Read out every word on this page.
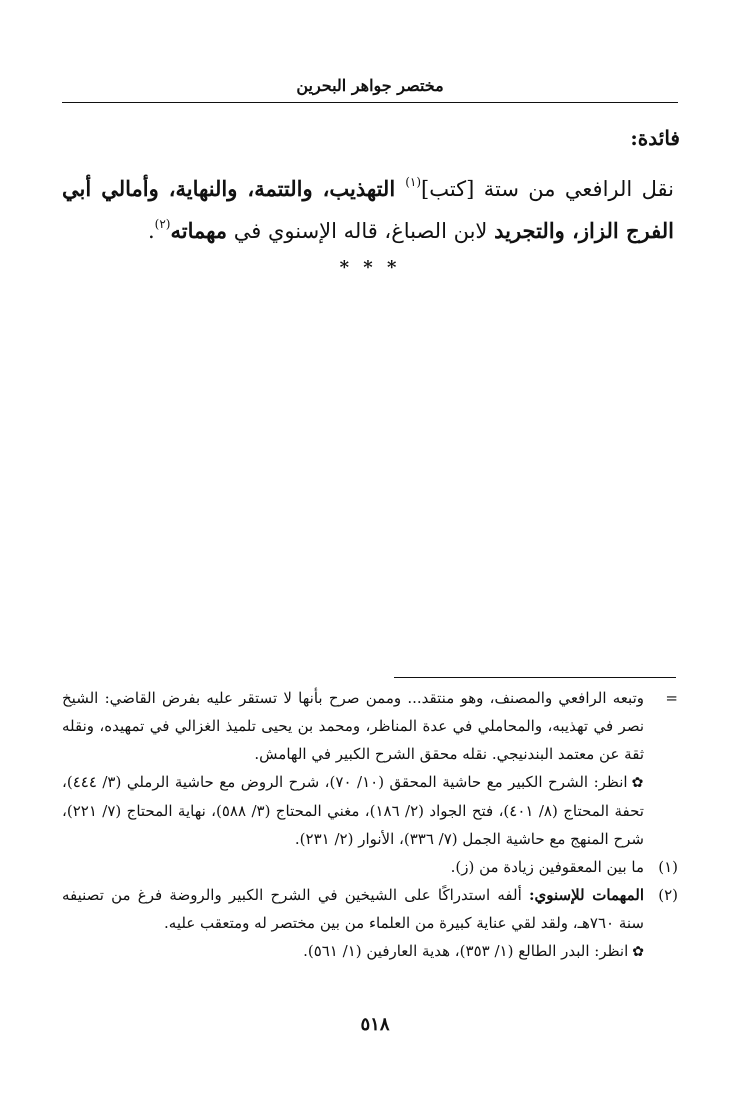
مختصر جواهر البحرين
فائدة:
نقل الرافعي من ستة [كتب]$^{(١)}$ التهذيب، والتتمة، والنهاية، وأمالي أبي الفرج الزاز، والتجريد لابن الصباغ، قاله الإسنوي في مهماته$^{(٢)}$.
* * *
=
وتبعه الرافعي والمصنف، وهو منتقد... وممن صرح بأنها لا تستقر عليه بفرض القاضي: الشيخ نصر في تهذيبه، والمحاملي في عدة المناظر، ومحمد بن يحيى تلميذ الغزالي في تمهيده، ونقله ثقة عن معتمد البندنيجي. نقله محقق الشرح الكبير في الهامش.
✿انظر: الشرح الكبير مع حاشية المحقق (١٠/ ٧٠)، شرح الروض مع حاشية الرملي (٣/ ٤٤٤)، تحفة المحتاج (٨/ ٤٠١)، فتح الجواد (٢/ ١٨٦)، مغني المحتاج (٣/ ٥٨٨)، نهاية المحتاج (٧/ ٢٢١)، شرح المنهج مع حاشية الجمل (٧/ ٣٣٦)، الأنوار (٢/ ٢٣١).
(١)
ما بين المعقوفين زيادة من (ز).
(٢)
المهمات للإسنوي: ألفه استدراكًا على الشيخين في الشرح الكبير والروضة فرغ من تصنيفه سنة ٧٦٠هـ، ولقد لقي عناية كبيرة من العلماء من بين مختصر له ومتعقب عليه.
✿انظر: البدر الطالع (١/ ٣٥٣)، هدية العارفين (١/ ٥٦١).
٥١٨
